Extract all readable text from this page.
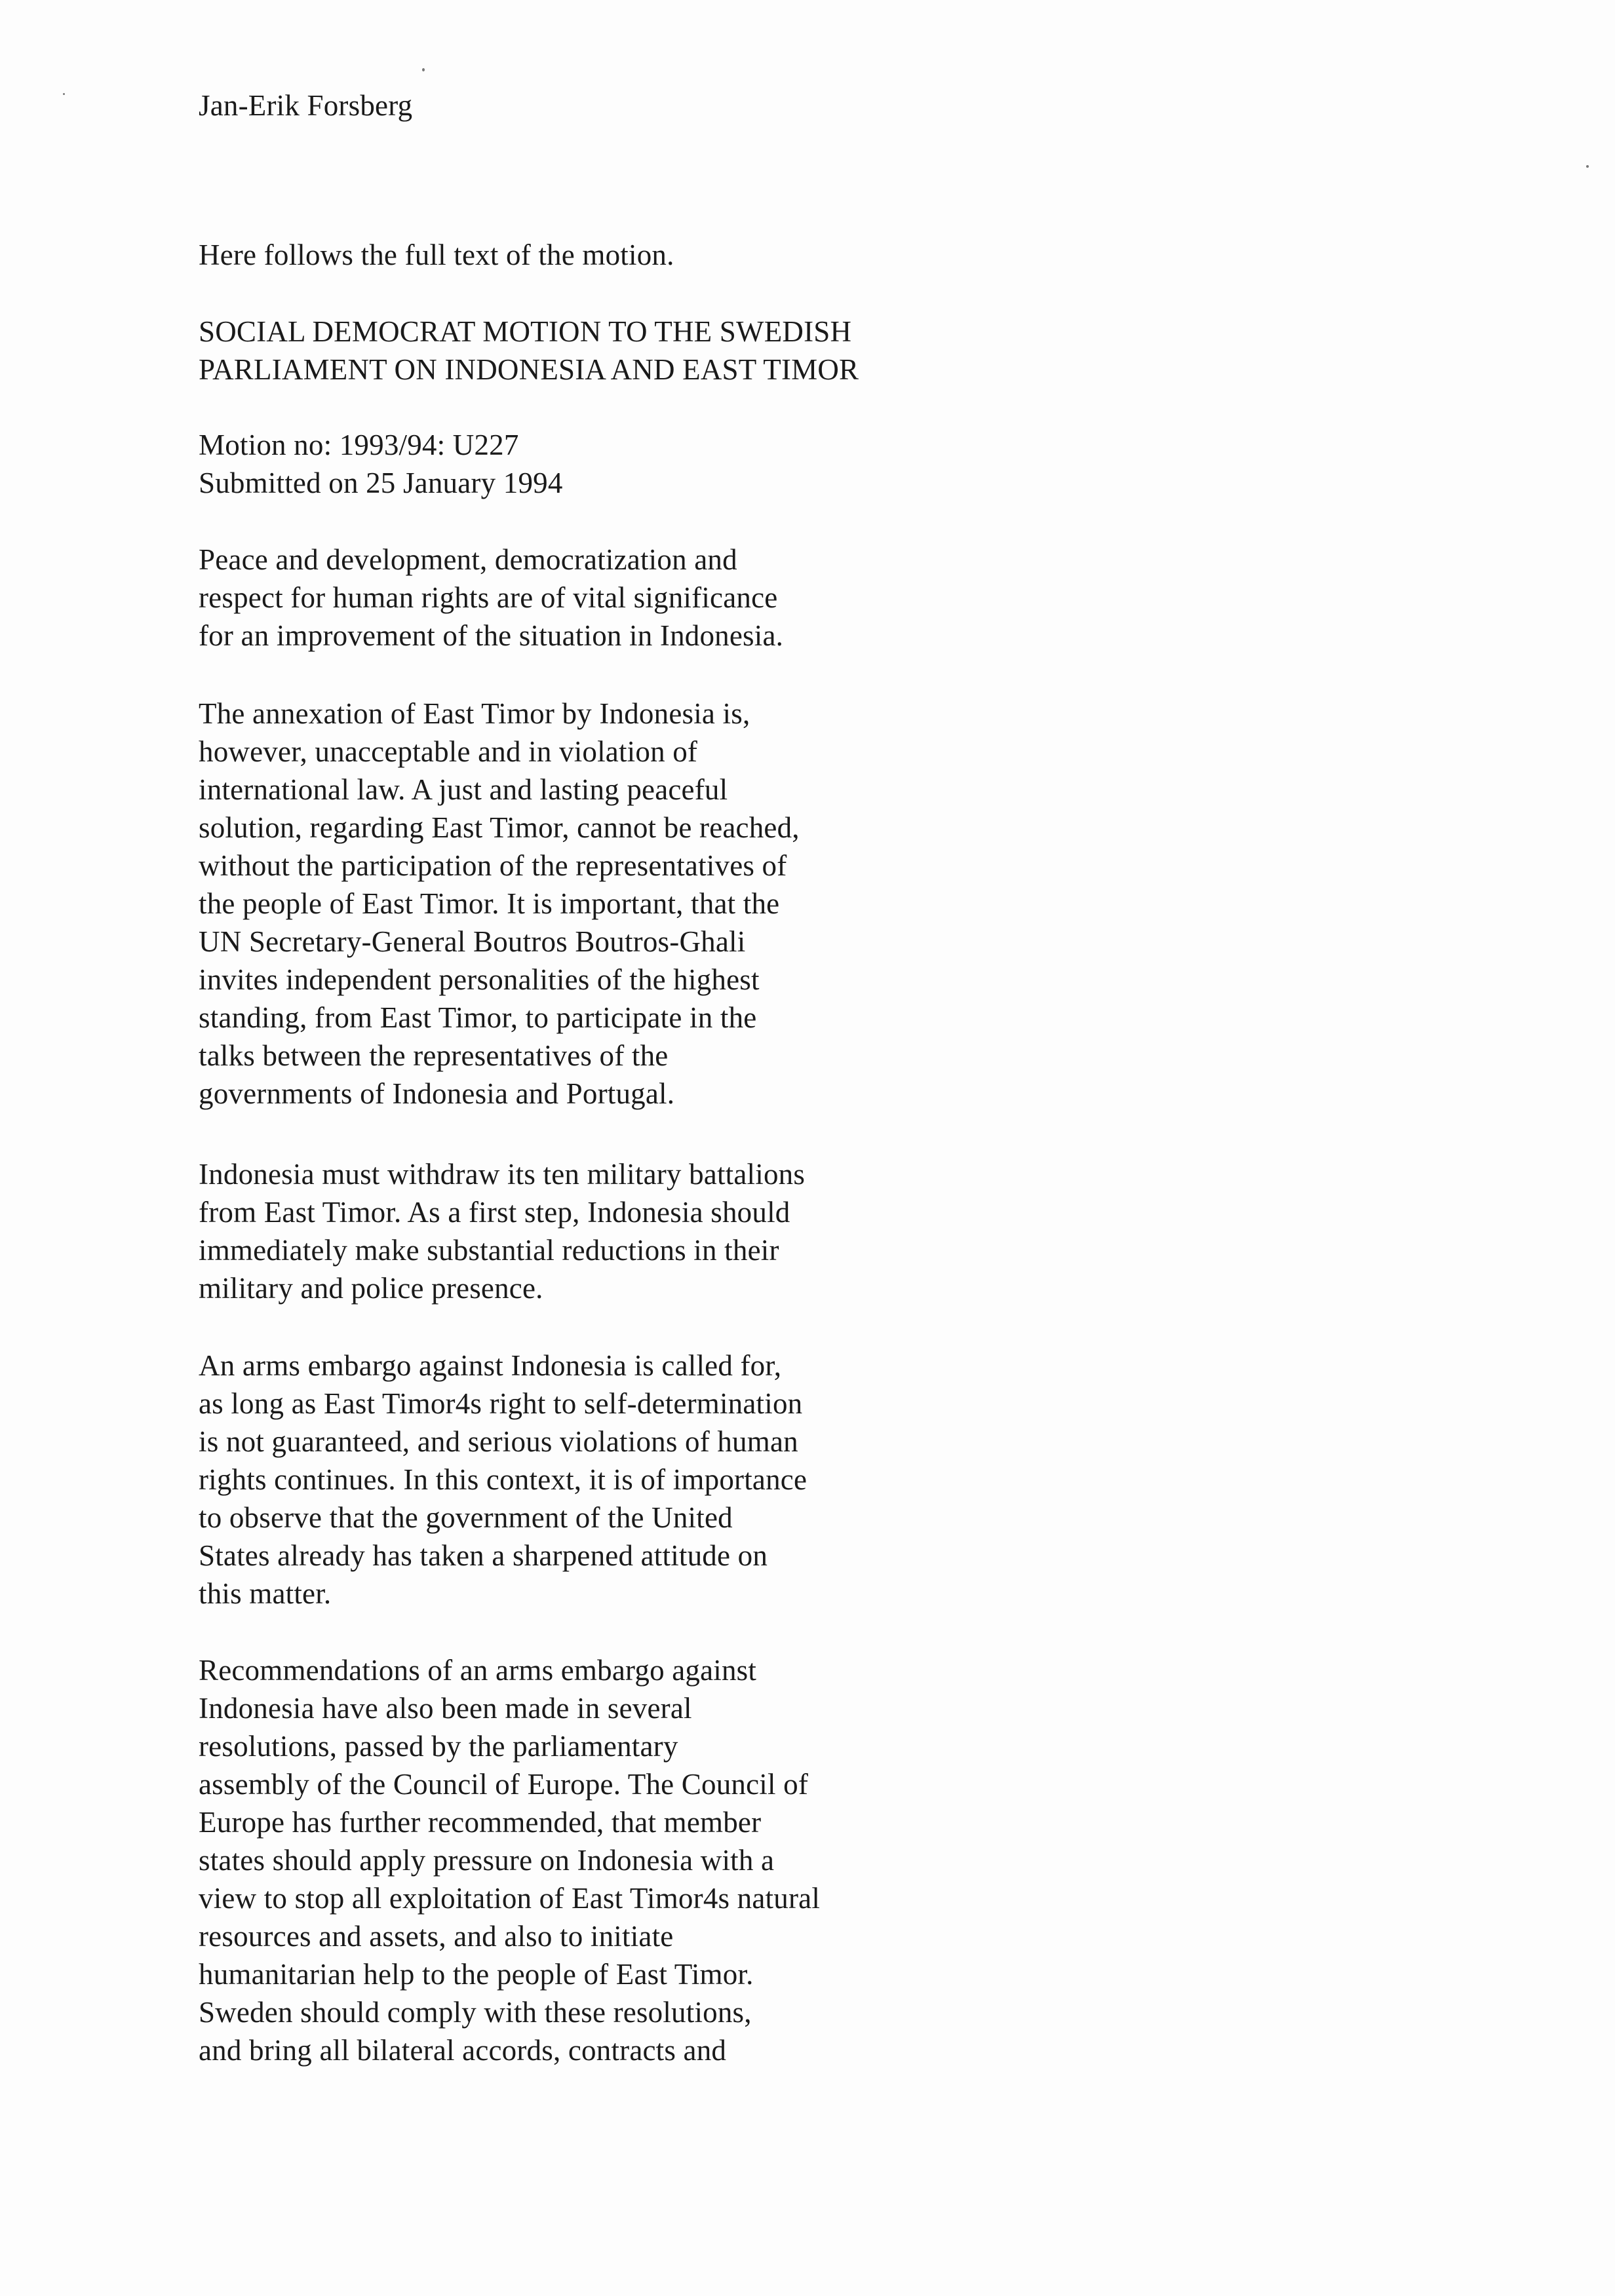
Jan-Erik Forsberg
Here follows the full text of the motion.
SOCIAL DEMOCRAT MOTION TO THE SWEDISH
PARLIAMENT ON INDONESIA AND EAST TIMOR
Motion no: 1993/94: U227
Submitted on 25 January 1994
Peace and development, democratization and
respect for human rights are of vital significance
for an improvement of the situation in Indonesia.
The annexation of East Timor by Indonesia is,
however, unacceptable and in violation of
international law. A just and lasting peaceful
solution, regarding East Timor, cannot be reached,
without the participation of the representatives of
the people of East Timor. It is important, that the
UN Secretary-General Boutros Boutros-Ghali
invites independent personalities of the highest
standing, from East Timor, to participate in the
talks between the representatives of the
governments of Indonesia and Portugal.
Indonesia must withdraw its ten military battalions
from East Timor. As a first step, Indonesia should
immediately make substantial reductions in their
military and police presence.
An arms embargo against Indonesia is called for,
as long as East Timor4s right to self-determination
is not guaranteed, and serious violations of human
rights continues. In this context, it is of importance
to observe that the government of the United
States already has taken a sharpened attitude on
this matter.
Recommendations of an arms embargo against
Indonesia have also been made in several
resolutions, passed by the parliamentary
assembly of the Council of Europe. The Council of
Europe has further recommended, that member
states should apply pressure on Indonesia with a
view to stop all exploitation of East Timor4s natural
resources and assets, and also to initiate
humanitarian help to the people of East Timor.
Sweden should comply with these resolutions,
and bring all bilateral accords, contracts and
